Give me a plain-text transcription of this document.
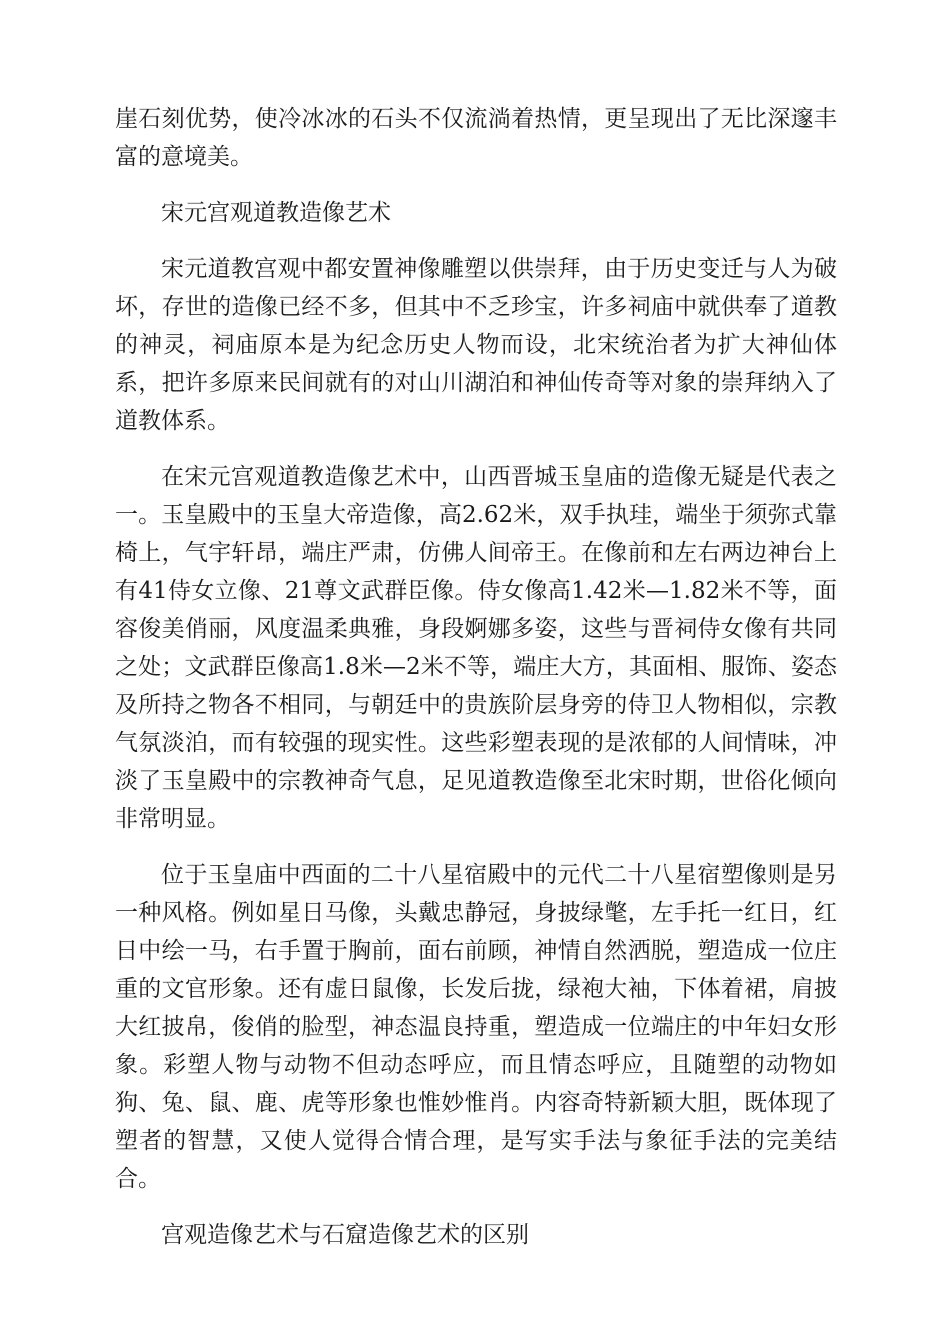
崖石刻优势，使冷冰冰的石头不仅流淌着热情，更呈现出了无比深邃丰富的意境美。

宋元宫观道教造像艺术

宋元道教宫观中都安置神像雕塑以供崇拜，由于历史变迁与人为破坏，存世的造像已经不多，但其中不乏珍宝，许多祠庙中就供奉了道教的神灵，祠庙原本是为纪念历史人物而设，北宋统治者为扩大神仙体系，把许多原来民间就有的对山川湖泊和神仙传奇等对象的崇拜纳入了道教体系。

在宋元宫观道教造像艺术中，山西晋城玉皇庙的造像无疑是代表之一。玉皇殿中的玉皇大帝造像，高2.62米，双手执珪，端坐于须弥式靠椅上，气宇轩昂，端庄严肃，仿佛人间帝王。在像前和左右两边神台上有41侍女立像、21尊文武群臣像。侍女像高1.42米—1.82米不等，面容俊美俏丽，风度温柔典雅，身段婀娜多姿，这些与晋祠侍女像有共同之处；文武群臣像高1.8米—2米不等，端庄大方，其面相、服饰、姿态及所持之物各不相同，与朝廷中的贵族阶层身旁的侍卫人物相似，宗教气氛淡泊，而有较强的现实性。这些彩塑表现的是浓郁的人间情味，冲淡了玉皇殿中的宗教神奇气息，足见道教造像至北宋时期，世俗化倾向非常明显。

位于玉皇庙中西面的二十八星宿殿中的元代二十八星宿塑像则是另一种风格。例如星日马像，头戴忠静冠，身披绿氅，左手托一红日，红日中绘一马，右手置于胸前，面右前顾，神情自然洒脱，塑造成一位庄重的文官形象。还有虚日鼠像，长发后拢，绿袍大袖，下体着裙，肩披大红披帛，俊俏的脸型，神态温良持重，塑造成一位端庄的中年妇女形象。彩塑人物与动物不但动态呼应，而且情态呼应，且随塑的动物如狗、兔、鼠、鹿、虎等形象也惟妙惟肖。内容奇特新颖大胆，既体现了塑者的智慧，又使人觉得合情合理，是写实手法与象征手法的完美结合。

宫观造像艺术与石窟造像艺术的区别
